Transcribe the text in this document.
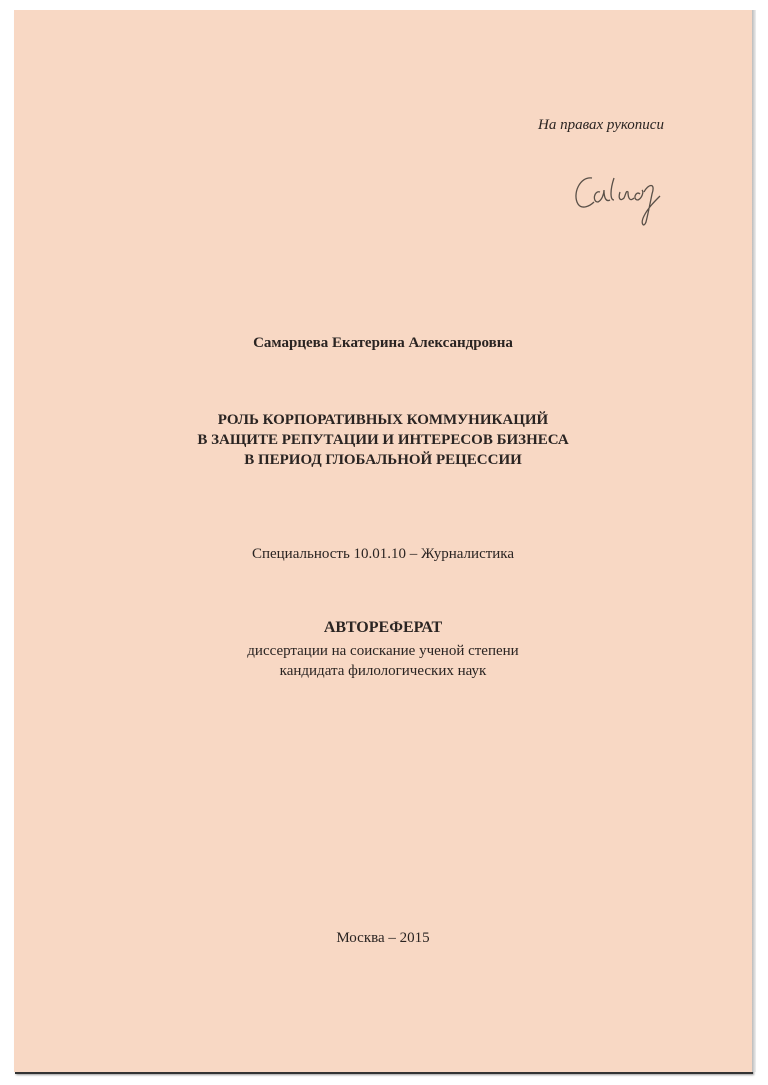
На правах рукописи
Самарцева Екатерина Александровна
РОЛЬ КОРПОРАТИВНЫХ КОММУНИКАЦИЙ
В ЗАЩИТЕ РЕПУТАЦИИ И ИНТЕРЕСОВ БИЗНЕСА
В ПЕРИОД ГЛОБАЛЬНОЙ РЕЦЕССИИ
Специальность 10.01.10 – Журналистика
АВТОРЕФЕРАТ
диссертации на соискание ученой степени
кандидата филологических наук
Москва – 2015
